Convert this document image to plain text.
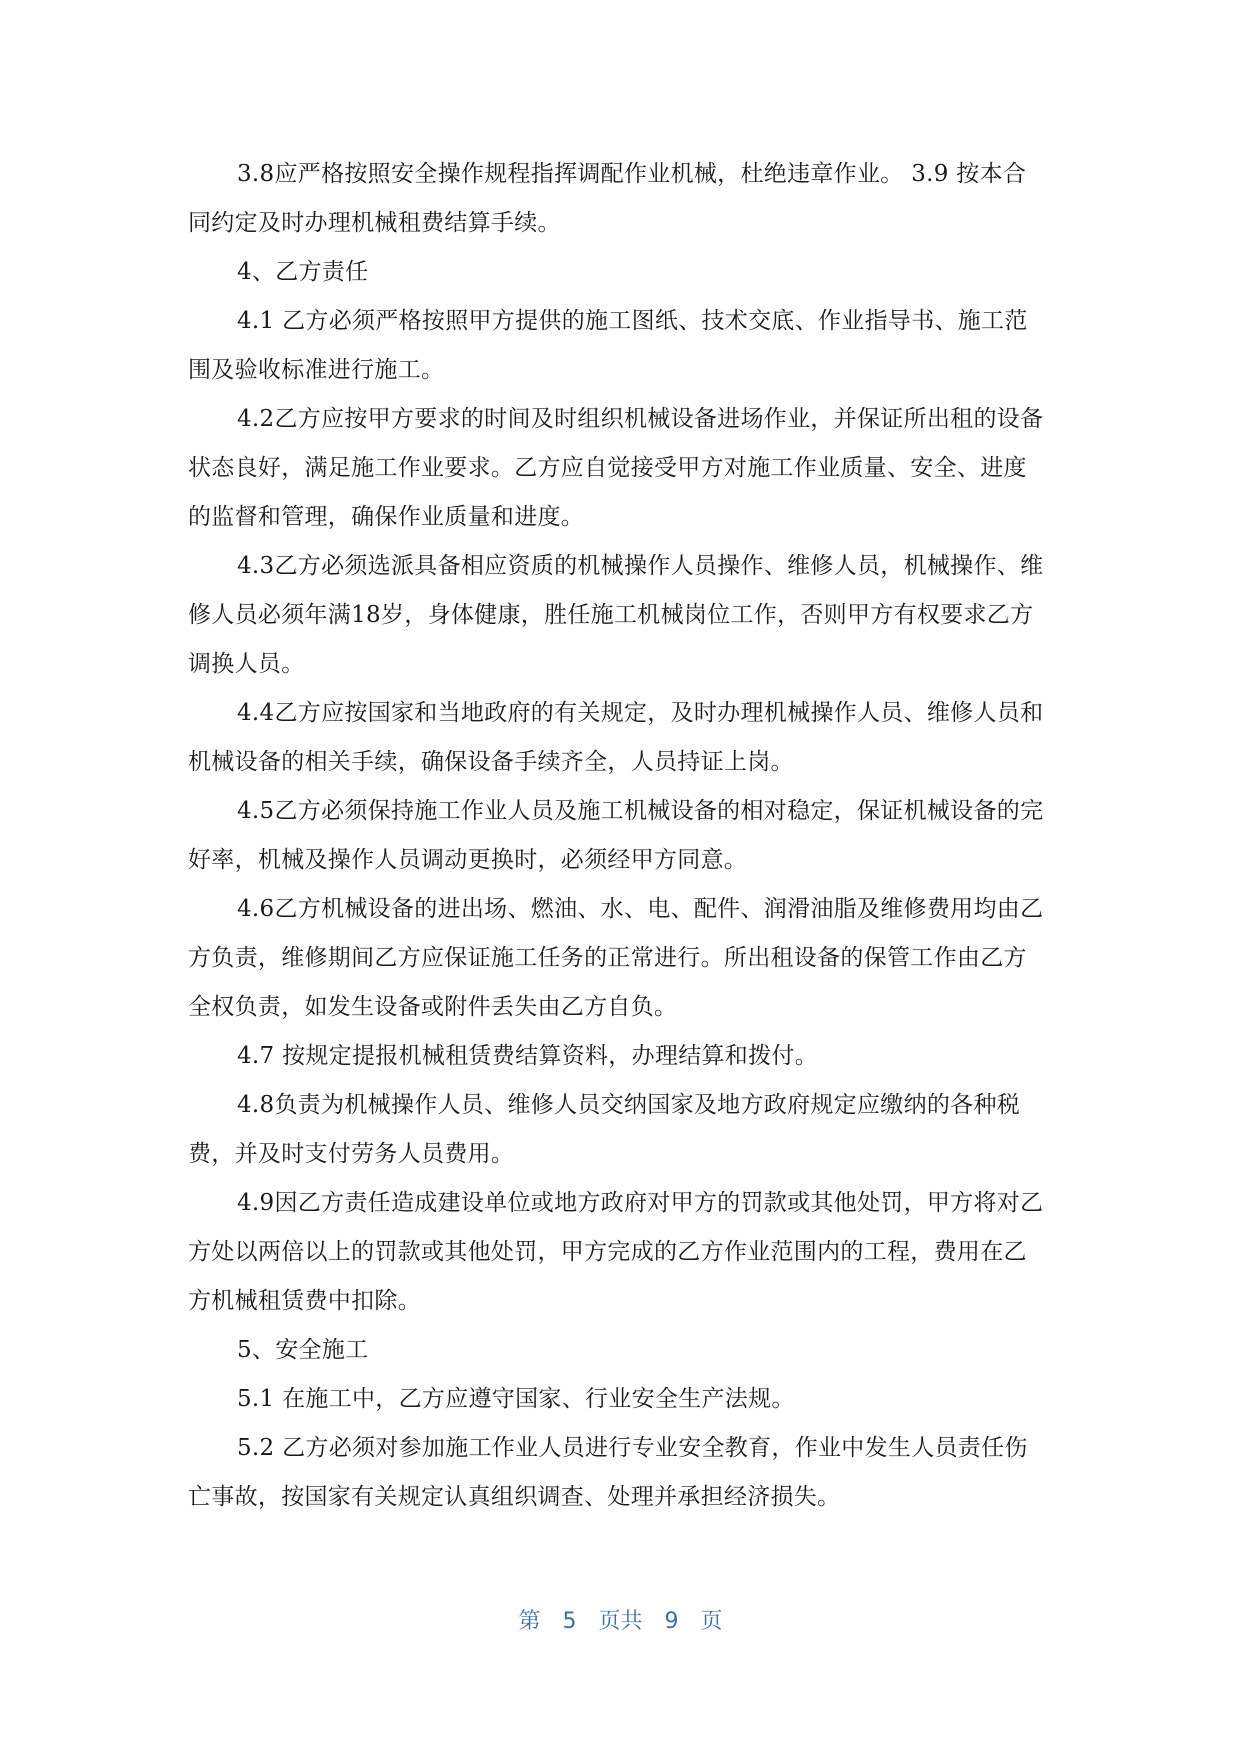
3.8应严格按照安全操作规程指挥调配作业机械，杜绝违章作业。 3.9 按本合同约定及时办理机械租费结算手续。

4、乙方责任

4.1 乙方必须严格按照甲方提供的施工图纸、技术交底、作业指导书、施工范围及验收标准进行施工。

4.2乙方应按甲方要求的时间及时组织机械设备进场作业，并保证所出租的设备状态良好，满足施工作业要求。乙方应自觉接受甲方对施工作业质量、安全、进度的监督和管理，确保作业质量和进度。

4.3乙方必须选派具备相应资质的机械操作人员操作、维修人员，机械操作、维修人员必须年满18岁，身体健康，胜任施工机械岗位工作，否则甲方有权要求乙方调换人员。

4.4乙方应按国家和当地政府的有关规定，及时办理机械操作人员、维修人员和机械设备的相关手续，确保设备手续齐全，人员持证上岗。

4.5乙方必须保持施工作业人员及施工机械设备的相对稳定，保证机械设备的完好率，机械及操作人员调动更换时，必须经甲方同意。

4.6乙方机械设备的进出场、燃油、水、电、配件、润滑油脂及维修费用均由乙方负责，维修期间乙方应保证施工任务的正常进行。所出租设备的保管工作由乙方全权负责，如发生设备或附件丢失由乙方自负。

4.7 按规定提报机械租赁费结算资料，办理结算和拨付。

4.8负责为机械操作人员、维修人员交纳国家及地方政府规定应缴纳的各种税费，并及时支付劳务人员费用。

4.9因乙方责任造成建设单位或地方政府对甲方的罚款或其他处罚，甲方将对乙方处以两倍以上的罚款或其他处罚，甲方完成的乙方作业范围内的工程，费用在乙方机械租赁费中扣除。

5、安全施工

5.1 在施工中，乙方应遵守国家、行业安全生产法规。

5.2 乙方必须对参加施工作业人员进行专业安全教育，作业中发生人员责任伤亡事故，按国家有关规定认真组织调查、处理并承担经济损失。

第 5 页共 9 页
